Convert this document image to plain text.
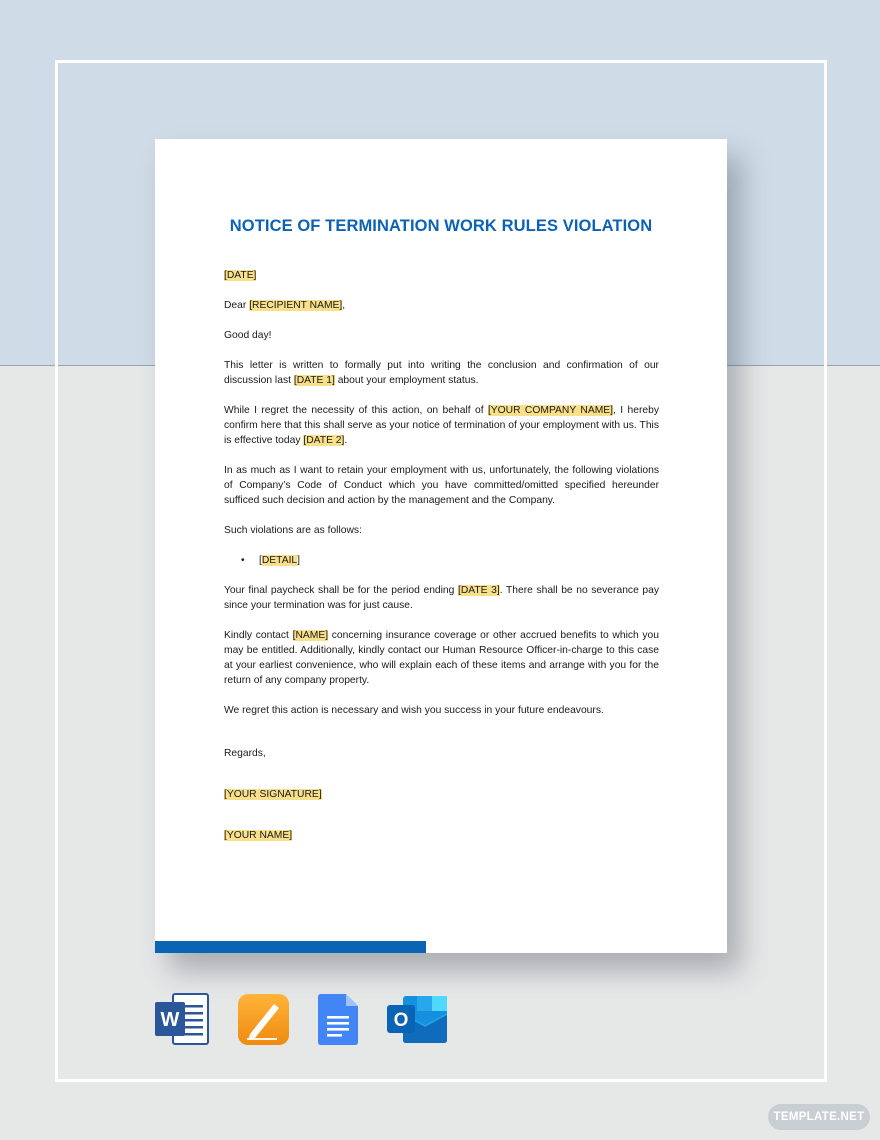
NOTICE OF TERMINATION WORK RULES VIOLATION

[DATE]

Dear [RECIPIENT NAME],

Good day!

This letter is written to formally put into writing the conclusion and confirmation of our discussion last [DATE 1] about your employment status.

While I regret the necessity of this action, on behalf of [YOUR COMPANY NAME], I hereby confirm here that this shall serve as your notice of termination of your employment with us. This is effective today [DATE 2].

In as much as I want to retain your employment with us, unfortunately, the following violations of Company’s Code of Conduct which you have committed/omitted specified hereunder sufficed such decision and action by the management and the Company.

Such violations are as follows:

• [DETAIL]

Your final paycheck shall be for the period ending [DATE 3]. There shall be no severance pay since your termination was for just cause.

Kindly contact [NAME] concerning insurance coverage or other accrued benefits to which you may be entitled. Additionally, kindly contact our Human Resource Officer-in-charge to this case at your earliest convenience, who will explain each of these items and arrange with you for the return of any company property.

We regret this action is necessary and wish you success in your future endeavours.

Regards,

[YOUR SIGNATURE]

[YOUR NAME]

W	O
TEMPLATE.NET
